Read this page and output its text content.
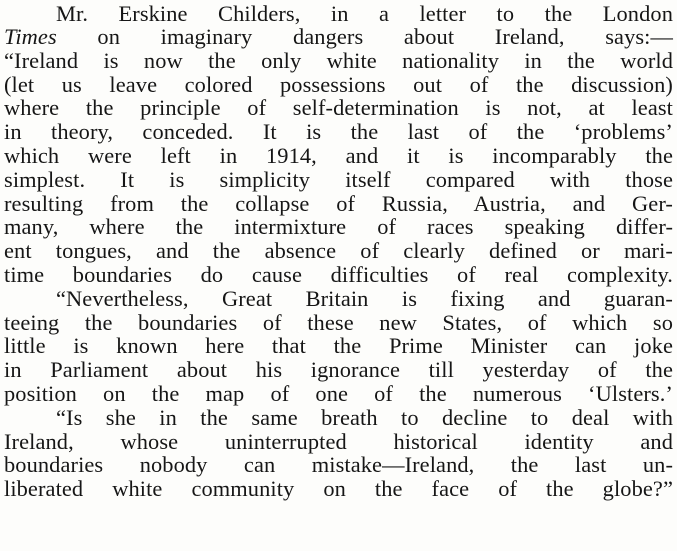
Mr. Erskine Childers, in a letter to the London
Times on imaginary dangers about Ireland, says:—
“Ireland is now the only white nationality in the world
(let us leave colored possessions out of the discussion)
where the principle of self-determination is not, at least
in theory, conceded. It is the last of the ‘problems’
which were left in 1914, and it is incomparably the
simplest. It is simplicity itself compared with those
resulting from the collapse of Russia, Austria, and Ger-
many, where the intermixture of races speaking differ-
ent tongues, and the absence of clearly defined or mari-
time boundaries do cause difficulties of real complexity.
“Nevertheless, Great Britain is fixing and guaran-
teeing the boundaries of these new States, of which so
little is known here that the Prime Minister can joke
in Parliament about his ignorance till yesterday of the
position on the map of one of the numerous ‘Ulsters.’
“Is she in the same breath to decline to deal with
Ireland, whose uninterrupted historical identity and
boundaries nobody can mistake—Ireland, the last un-
liberated white community on the face of the globe?”
